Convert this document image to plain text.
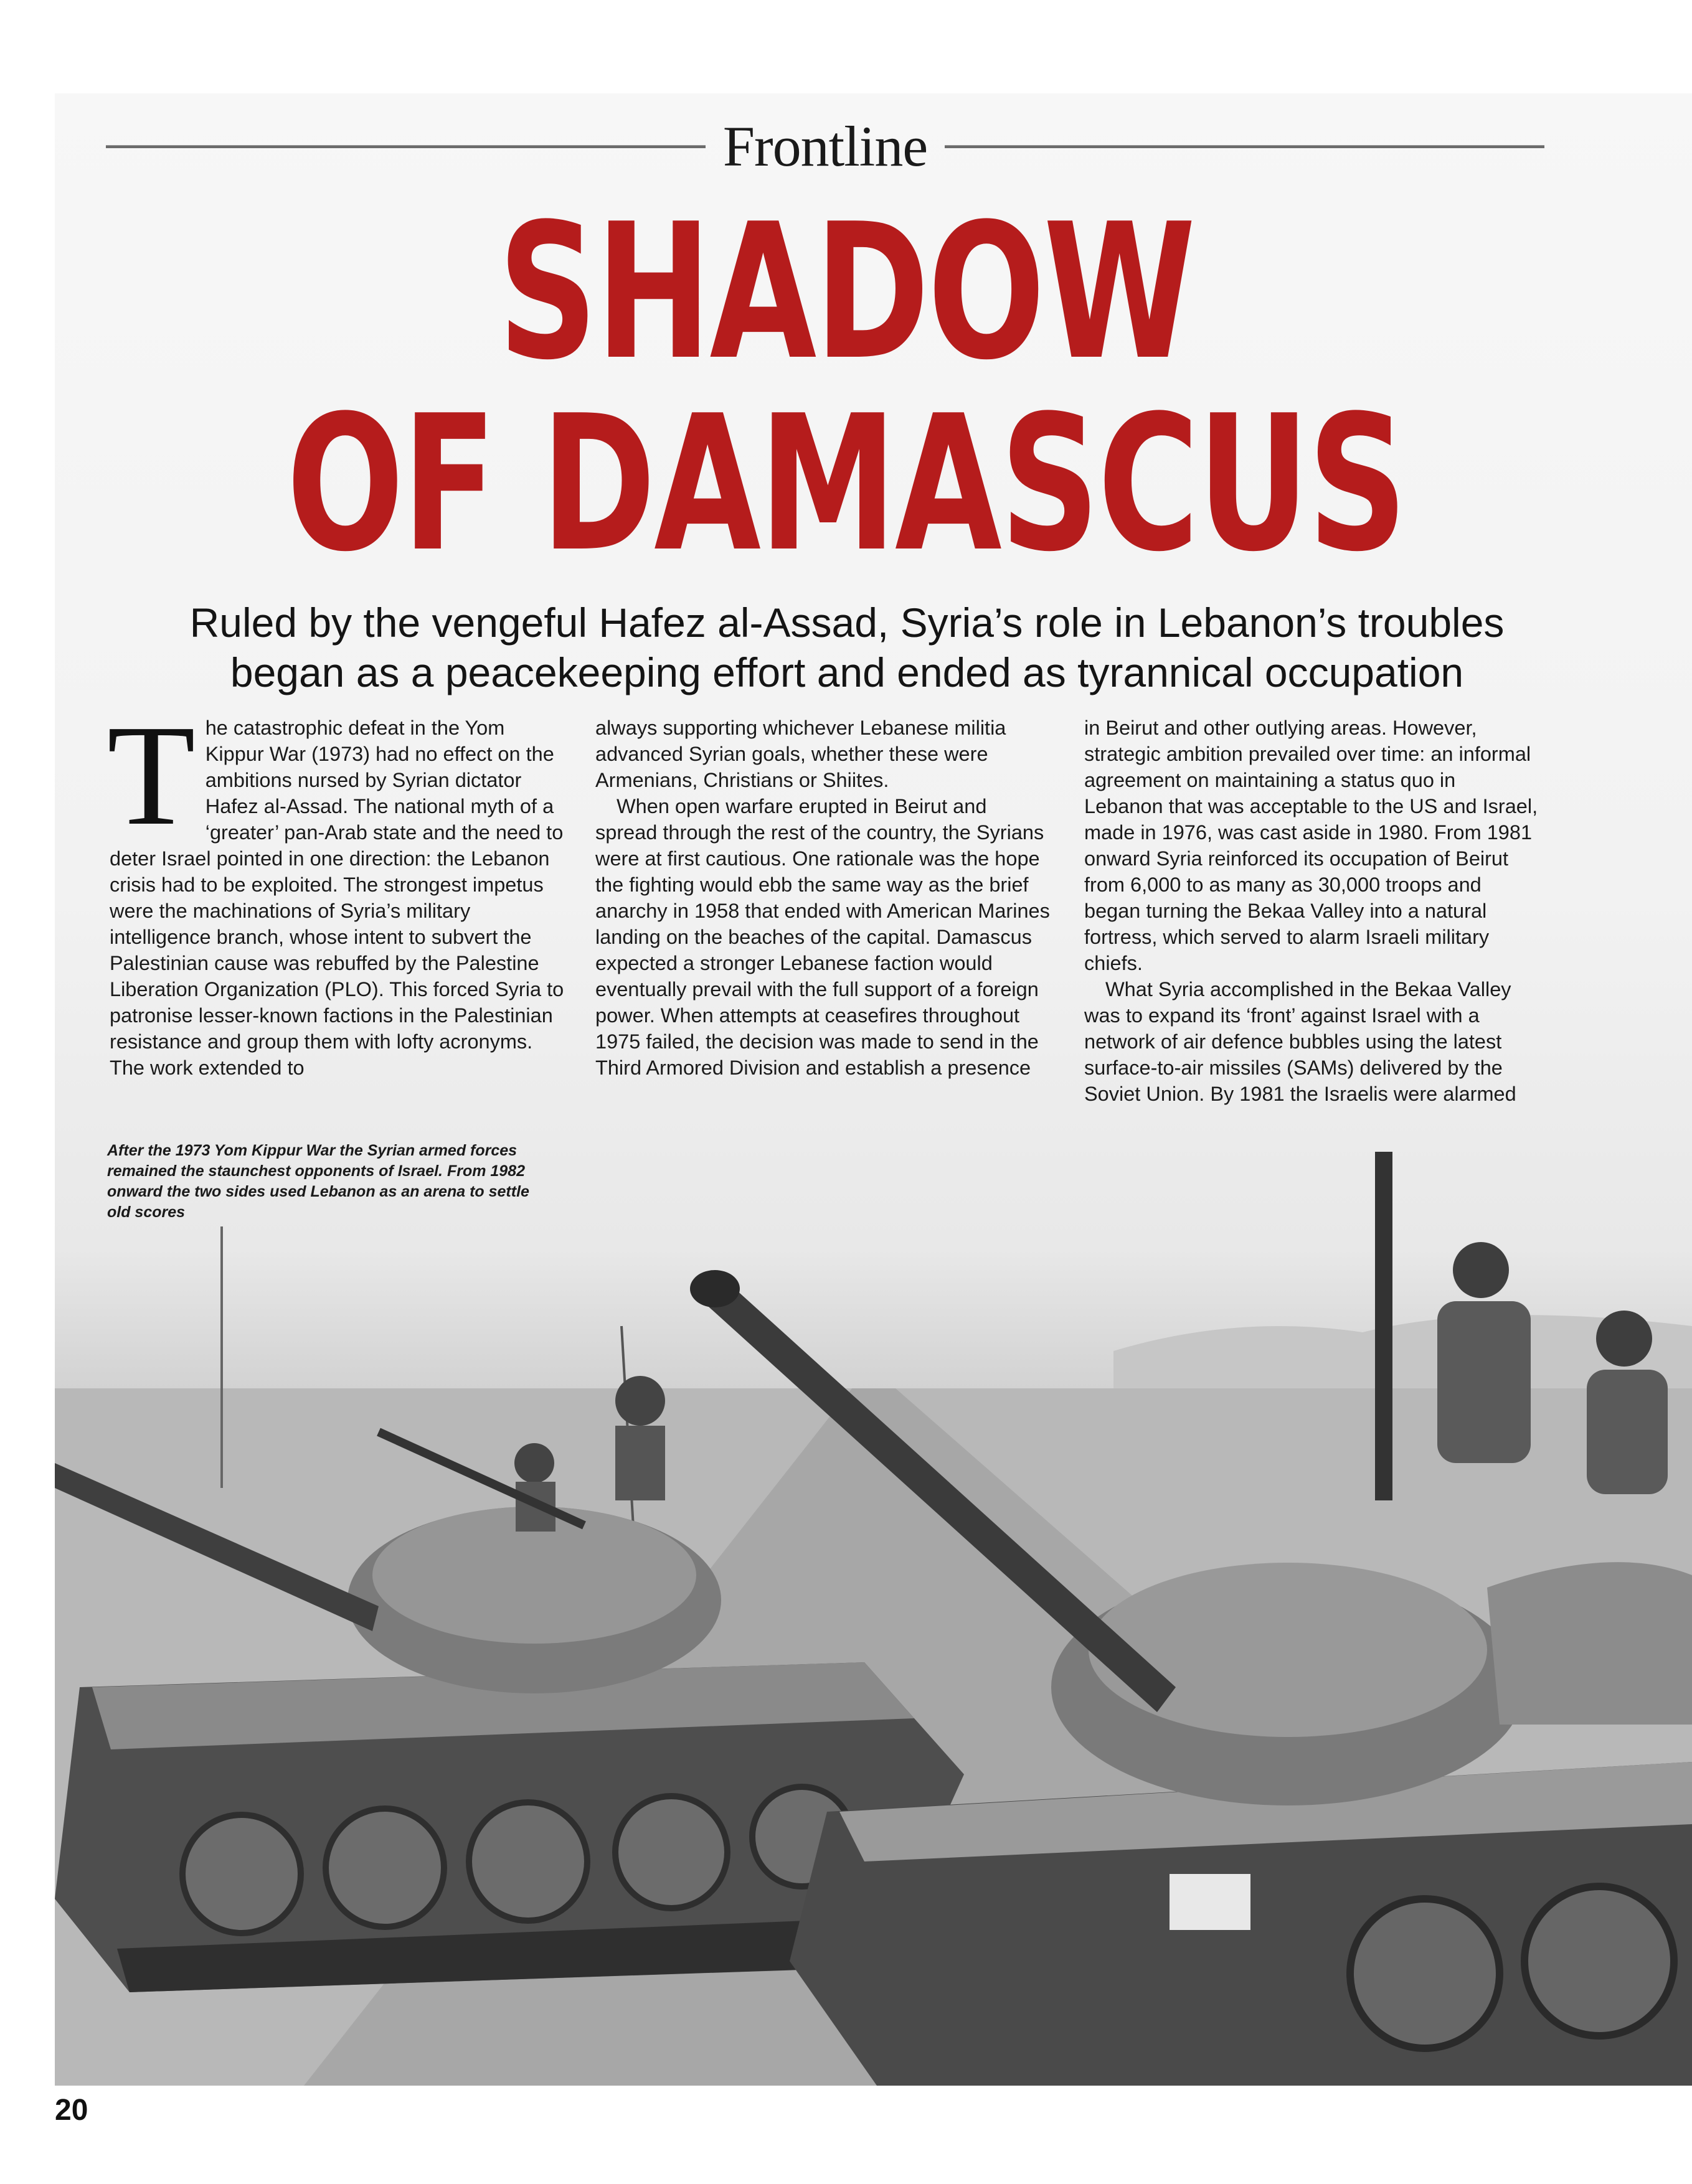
Frontline
SHADOW
OF DAMASCUS
Ruled by the vengeful Hafez al-Assad, Syria’s role in Lebanon’s troubles
began as a peacekeeping effort and ended as tyrannical occupation
T he catastrophic defeat in the Yom Kippur War (1973) had no effect on the ambitions nursed by Syrian dictator Hafez al-Assad. The national myth of a ‘greater’ pan-Arab state and the need to deter Israel pointed in one direction: the Lebanon crisis had to be exploited. The strongest impetus were the machinations of Syria’s military intelligence branch, whose intent to subvert the Palestinian cause was rebuffed by the Palestine Liberation Organization (PLO). This forced Syria to patronise lesser-known factions in the Palestinian resistance and group them with lofty acronyms. The work extended to

always supporting whichever Lebanese militia advanced Syrian goals, whether these were Armenians, Christians or Shiites.

When open warfare erupted in Beirut and spread through the rest of the country, the Syrians were at first cautious. One rationale was the hope the fighting would ebb the same way as the brief anarchy in 1958 that ended with American Marines landing on the beaches of the capital. Damascus expected a stronger Lebanese faction would eventually prevail with the full support of a foreign power. When attempts at ceasefires throughout 1975 failed, the decision was made to send in the Third Armored Division and establish a presence

in Beirut and other outlying areas. However, strategic ambition prevailed over time: an informal agreement on maintaining a status quo in Lebanon that was acceptable to the US and Israel, made in 1976, was cast aside in 1980. From 1981 onward Syria reinforced its occupation of Beirut from 6,000 to as many as 30,000 troops and began turning the Bekaa Valley into a natural fortress, which served to alarm Israeli military chiefs.

What Syria accomplished in the Bekaa Valley was to expand its ‘front’ against Israel with a network of air defence bubbles using the latest surface-to-air missiles (SAMs) delivered by the Soviet Union. By 1981 the Israelis were alarmed

After the 1973 Yom Kippur War the Syrian armed forces remained the staunchest opponents of Israel. From 1982 onward the two sides used Lebanon as an arena to settle old scores
20
